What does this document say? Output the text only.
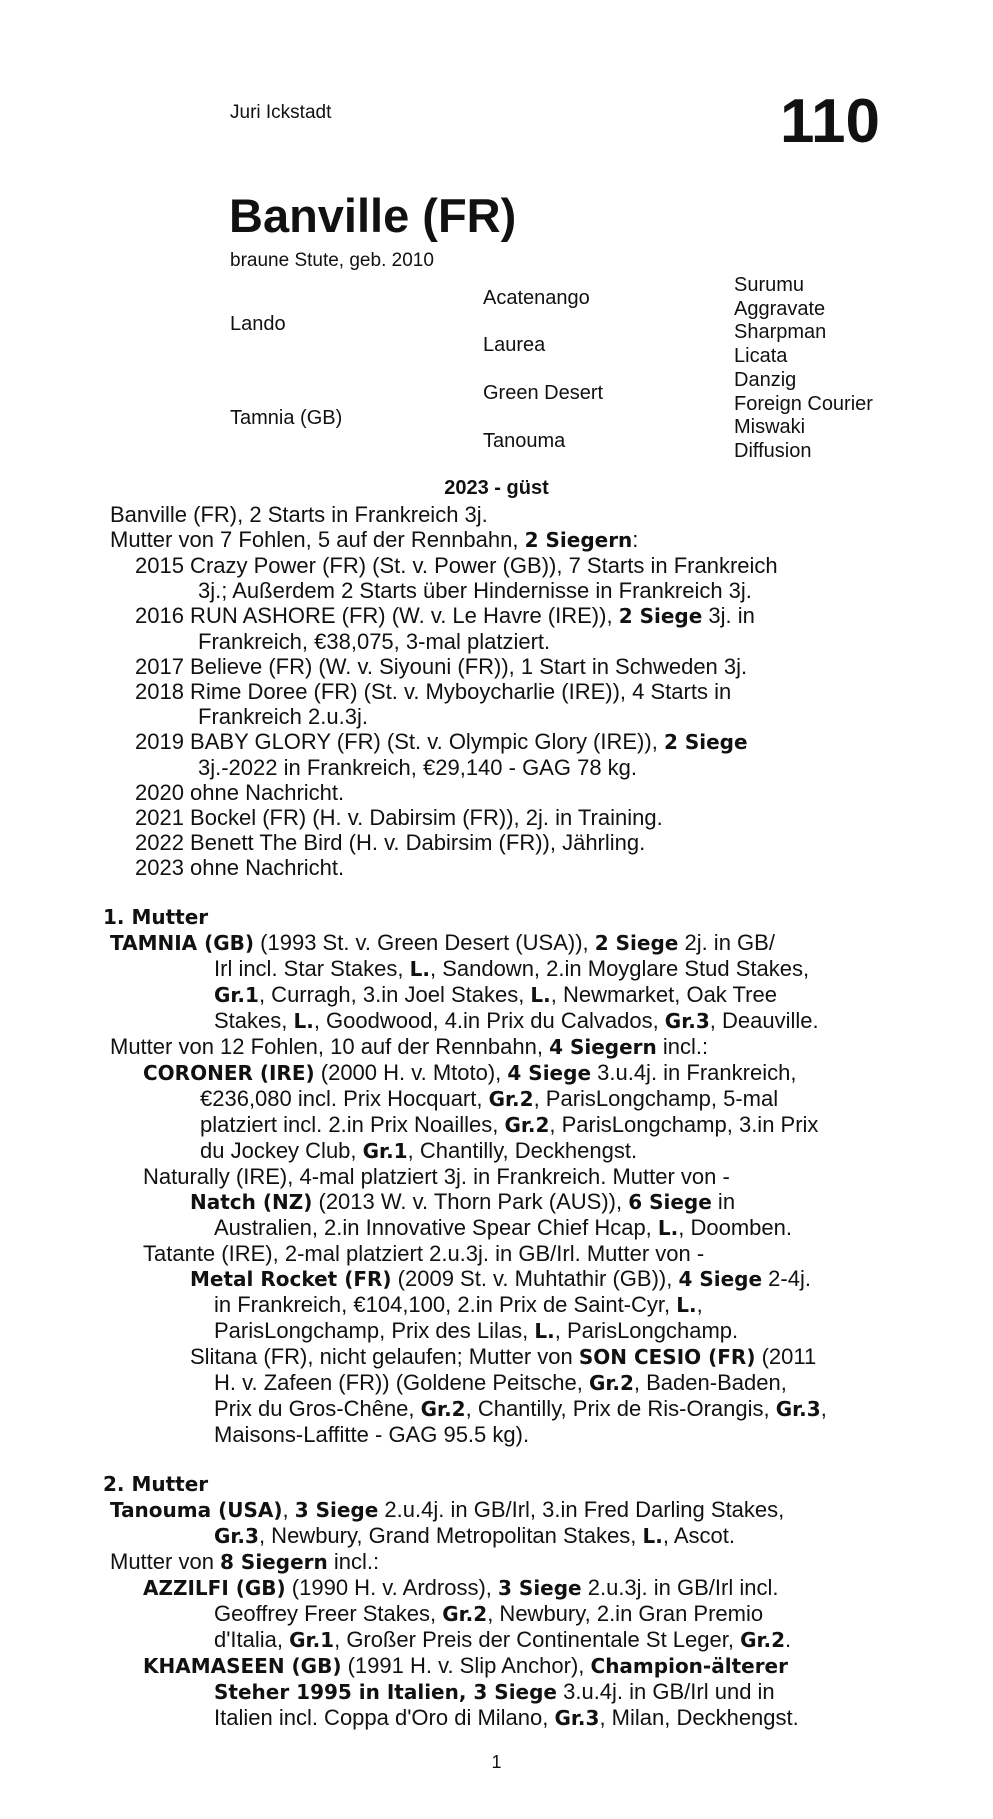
Juri Ickstadt	110
Banville (FR)
braune Stute, geb. 2010
Lando
Tamnia (GB)
Acatenango
Laurea
Green Desert
Tanouma
Surumu
Aggravate
Sharpman
Licata
Danzig
Foreign Courier
Miswaki
Diffusion
2023 - güst
Banville (FR), 2 Starts in Frankreich 3j.
Mutter von 7 Fohlen, 5 auf der Rennbahn, 2 Siegern:
2015 Crazy Power (FR) (St. v. Power (GB)), 7 Starts in Frankreich
3j.; Außerdem 2 Starts über Hindernisse in Frankreich 3j.
2016 RUN ASHORE (FR) (W. v. Le Havre (IRE)), 2 Siege 3j. in
Frankreich, €38,075, 3-mal platziert.
2017 Believe (FR) (W. v. Siyouni (FR)), 1 Start in Schweden 3j.
2018 Rime Doree (FR) (St. v. Myboycharlie (IRE)), 4 Starts in
Frankreich 2.u.3j.
2019 BABY GLORY (FR) (St. v. Olympic Glory (IRE)), 2 Siege
3j.-2022 in Frankreich, €29,140 - GAG 78 kg.
2020 ohne Nachricht.
2021 Bockel (FR) (H. v. Dabirsim (FR)), 2j. in Training.
2022 Benett The Bird (H. v. Dabirsim (FR)), Jährling.
2023 ohne Nachricht.
1. Mutter
TAMNIA (GB) (1993 St. v. Green Desert (USA)), 2 Siege 2j. in GB/
Irl incl. Star Stakes, L., Sandown, 2.in Moyglare Stud Stakes,
Gr.1, Curragh, 3.in Joel Stakes, L., Newmarket, Oak Tree
Stakes, L., Goodwood, 4.in Prix du Calvados, Gr.3, Deauville.
Mutter von 12 Fohlen, 10 auf der Rennbahn, 4 Siegern incl.:
CORONER (IRE) (2000 H. v. Mtoto), 4 Siege 3.u.4j. in Frankreich,
€236,080 incl. Prix Hocquart, Gr.2, ParisLongchamp, 5-mal
platziert incl. 2.in Prix Noailles, Gr.2, ParisLongchamp, 3.in Prix
du Jockey Club, Gr.1, Chantilly, Deckhengst.
Naturally (IRE), 4-mal platziert 3j. in Frankreich. Mutter von -
Natch (NZ) (2013 W. v. Thorn Park (AUS)), 6 Siege in
Australien, 2.in Innovative Spear Chief Hcap, L., Doomben.
Tatante (IRE), 2-mal platziert 2.u.3j. in GB/Irl. Mutter von -
Metal Rocket (FR) (2009 St. v. Muhtathir (GB)), 4 Siege 2-4j.
in Frankreich, €104,100, 2.in Prix de Saint-Cyr, L.,
ParisLongchamp, Prix des Lilas, L., ParisLongchamp.
Slitana (FR), nicht gelaufen; Mutter von SON CESIO (FR) (2011
H. v. Zafeen (FR)) (Goldene Peitsche, Gr.2, Baden-Baden,
Prix du Gros-Chêne, Gr.2, Chantilly, Prix de Ris-Orangis, Gr.3,
Maisons-Laffitte - GAG 95.5 kg).
2. Mutter
Tanouma (USA), 3 Siege 2.u.4j. in GB/Irl, 3.in Fred Darling Stakes,
Gr.3, Newbury, Grand Metropolitan Stakes, L., Ascot.
Mutter von 8 Siegern incl.:
AZZILFI (GB) (1990 H. v. Ardross), 3 Siege 2.u.3j. in GB/Irl incl.
Geoffrey Freer Stakes, Gr.2, Newbury, 2.in Gran Premio
d'Italia, Gr.1, Großer Preis der Continentale St Leger, Gr.2.
KHAMASEEN (GB) (1991 H. v. Slip Anchor), Champion-älterer
Steher 1995 in Italien, 3 Siege 3.u.4j. in GB/Irl und in
Italien incl. Coppa d'Oro di Milano, Gr.3, Milan, Deckhengst.
1
